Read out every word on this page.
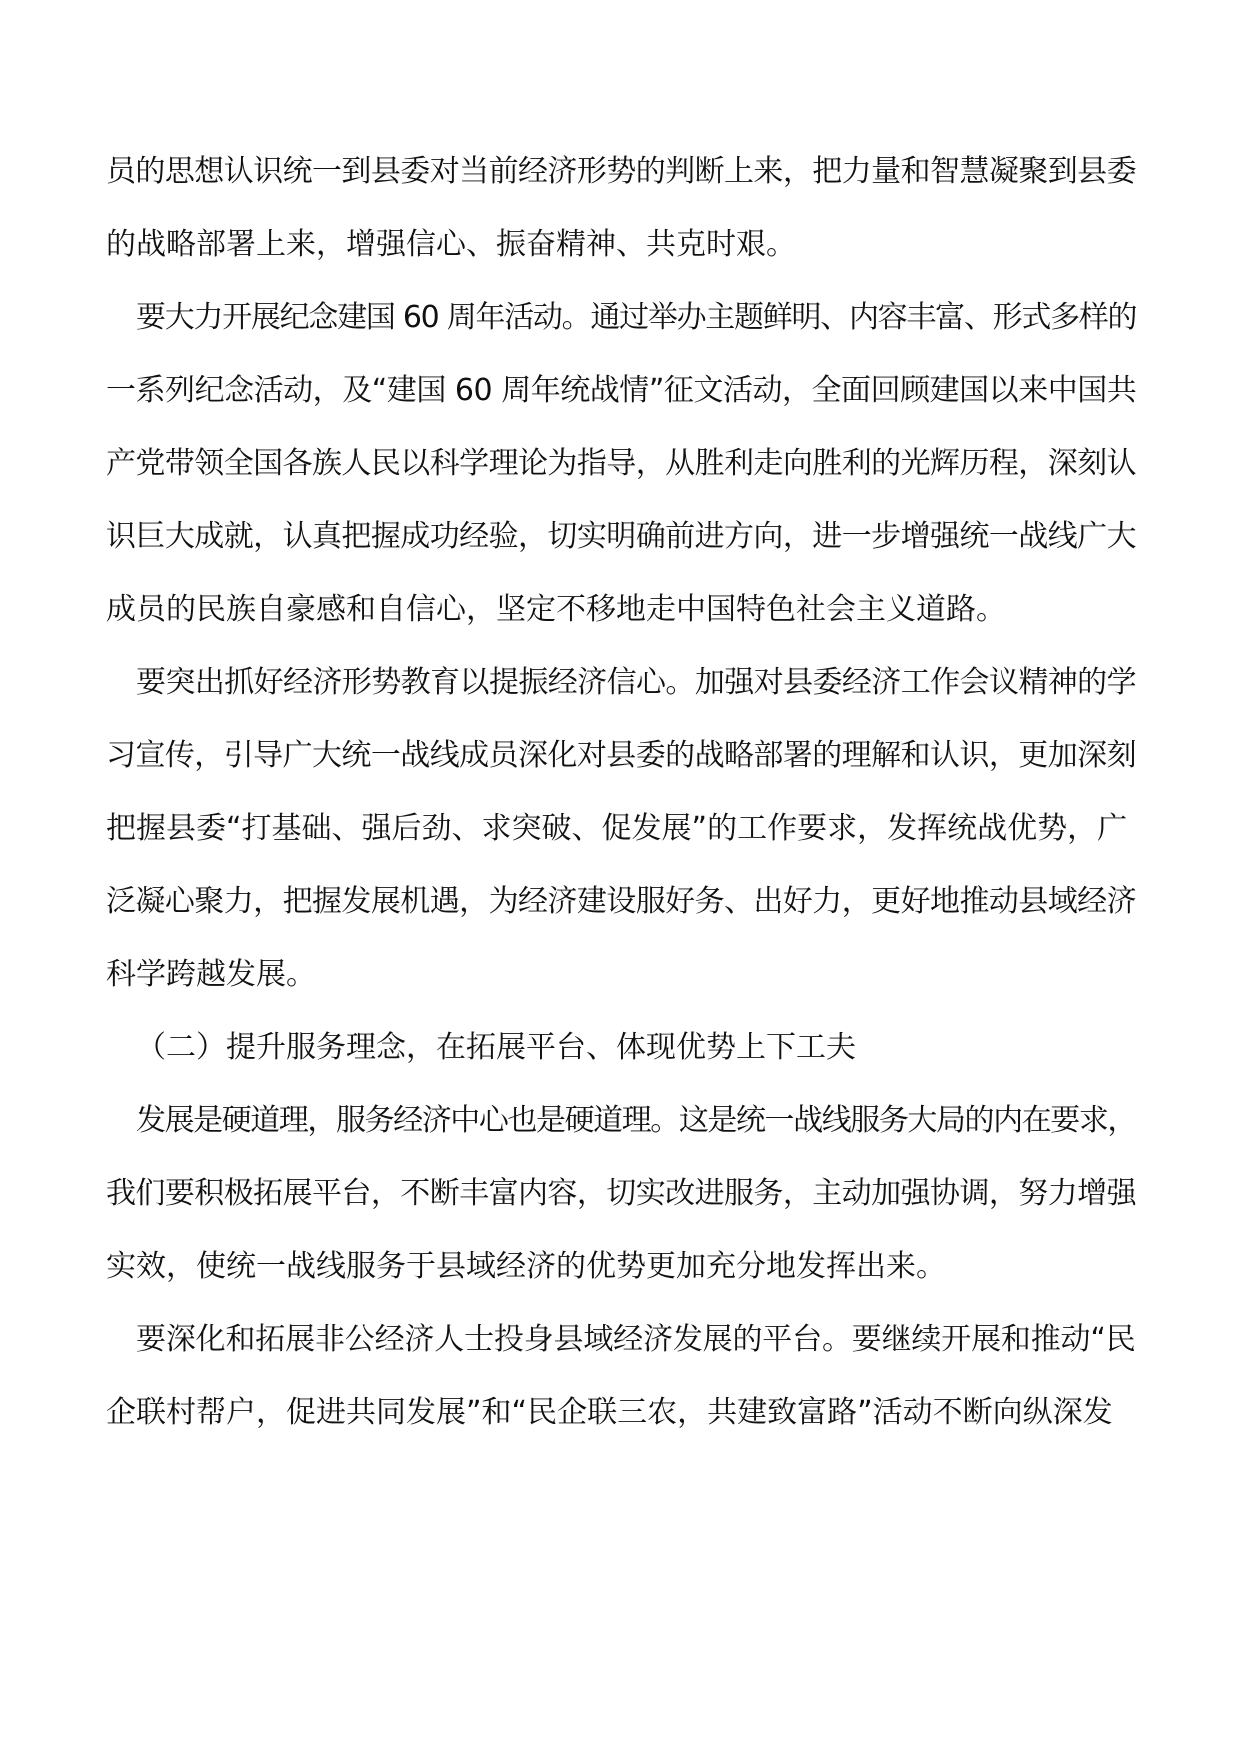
员的思想认识统一到县委对当前经济形势的判断上来，把力量和智慧凝聚到县委
的战略部署上来，增强信心、振奋精神、共克时艰。
要大力开展纪念建国 60 周年活动。通过举办主题鲜明、内容丰富、形式多样的
一系列纪念活动，及“建国 60 周年统战情”征文活动，全面回顾建国以来中国共
产党带领全国各族人民以科学理论为指导，从胜利走向胜利的光辉历程，深刻认
识巨大成就，认真把握成功经验，切实明确前进方向，进一步增强统一战线广大
成员的民族自豪感和自信心，坚定不移地走中国特色社会主义道路。
要突出抓好经济形势教育以提振经济信心。加强对县委经济工作会议精神的学
习宣传，引导广大统一战线成员深化对县委的战略部署的理解和认识，更加深刻
把握县委“打基础、强后劲、求突破、促发展”的工作要求，发挥统战优势，广
泛凝心聚力，把握发展机遇，为经济建设服好务、出好力，更好地推动县域经济
科学跨越发展。
（二）提升服务理念，在拓展平台、体现优势上下工夫
发展是硬道理，服务经济中心也是硬道理。这是统一战线服务大局的内在要求，
我们要积极拓展平台，不断丰富内容，切实改进服务，主动加强协调，努力增强
实效，使统一战线服务于县域经济的优势更加充分地发挥出来。
要深化和拓展非公经济人士投身县域经济发展的平台。要继续开展和推动“民
企联村帮户，促进共同发展”和“民企联三农，共建致富路”活动不断向纵深发
